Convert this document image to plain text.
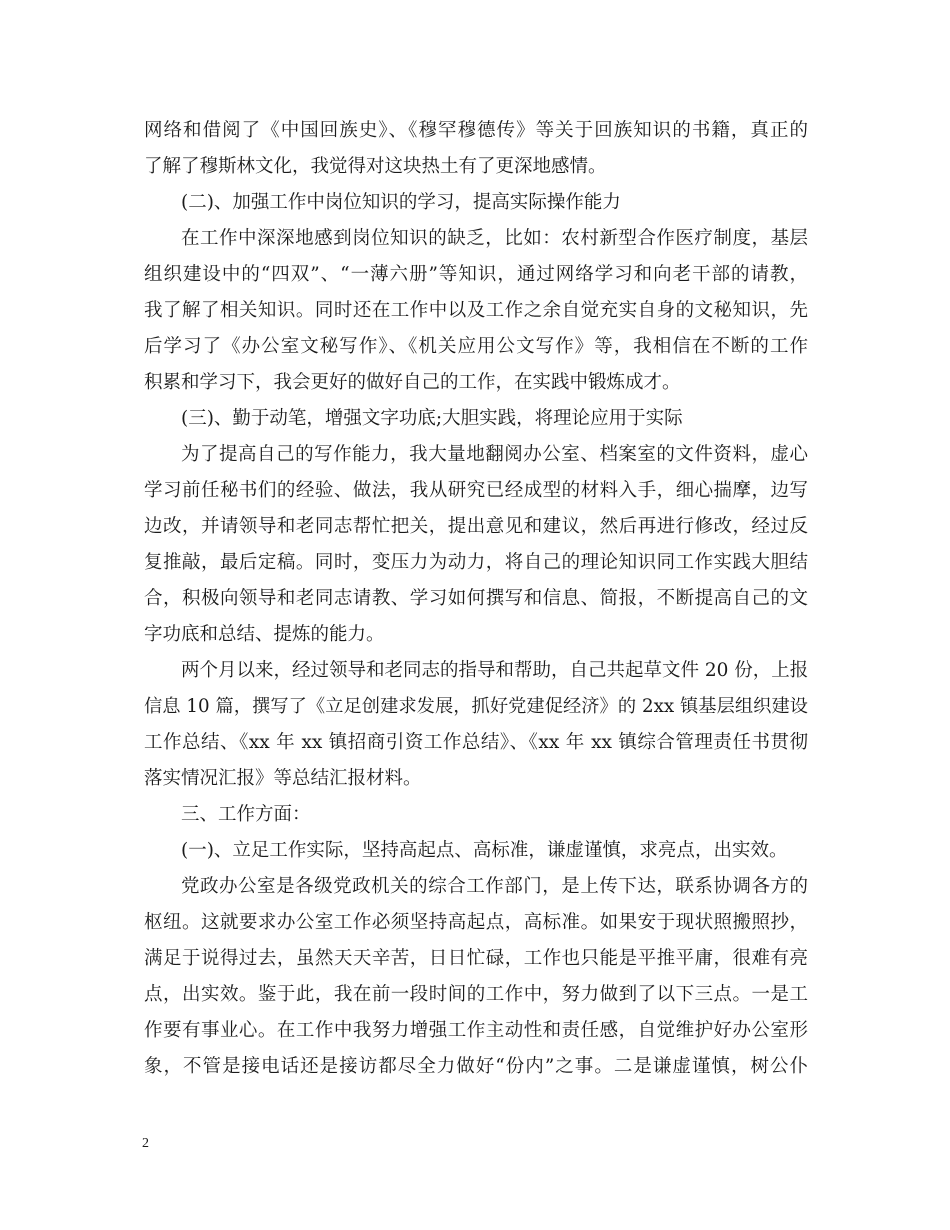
网络和借阅了《中国回族史》、《穆罕穆德传》等关于回族知识的书籍，真正的
了解了穆斯林文化，我觉得对这块热土有了更深地感情。
(二)、加强工作中岗位知识的学习，提高实际操作能力
在工作中深深地感到岗位知识的缺乏，比如：农村新型合作医疗制度，基层
组织建设中的“四双”、“一薄六册”等知识，通过网络学习和向老干部的请教，
我了解了相关知识。同时还在工作中以及工作之余自觉充实自身的文秘知识，先
后学习了《办公室文秘写作》、《机关应用公文写作》等，我相信在不断的工作
积累和学习下，我会更好的做好自己的工作，在实践中锻炼成才。
(三)、勤于动笔，增强文字功底;大胆实践，将理论应用于实际
为了提高自己的写作能力，我大量地翻阅办公室、档案室的文件资料，虚心
学习前任秘书们的经验、做法，我从研究已经成型的材料入手，细心揣摩，边写
边改，并请领导和老同志帮忙把关，提出意见和建议，然后再进行修改，经过反
复推敲，最后定稿。同时，变压力为动力，将自己的理论知识同工作实践大胆结
合，积极向领导和老同志请教、学习如何撰写和信息、简报，不断提高自己的文
字功底和总结、提炼的能力。
两个月以来，经过领导和老同志的指导和帮助，自己共起草文件 20 份，上报
信息 10 篇，撰写了《立足创建求发展，抓好党建促经济》的 2xx 镇基层组织建设
工作总结、《xx 年 xx 镇招商引资工作总结》、《xx 年 xx 镇综合管理责任书贯彻
落实情况汇报》等总结汇报材料。
三、工作方面：
(一)、立足工作实际，坚持高起点、高标准，谦虚谨慎，求亮点，出实效。
党政办公室是各级党政机关的综合工作部门，是上传下达，联系协调各方的
枢纽。这就要求办公室工作必须坚持高起点，高标准。如果安于现状照搬照抄，
满足于说得过去，虽然天天辛苦，日日忙碌，工作也只能是平推平庸，很难有亮
点，出实效。鉴于此，我在前一段时间的工作中，努力做到了以下三点。一是工
作要有事业心。在工作中我努力增强工作主动性和责任感，自觉维护好办公室形
象，不管是接电话还是接访都尽全力做好“份内”之事。二是谦虚谨慎，树公仆
2
